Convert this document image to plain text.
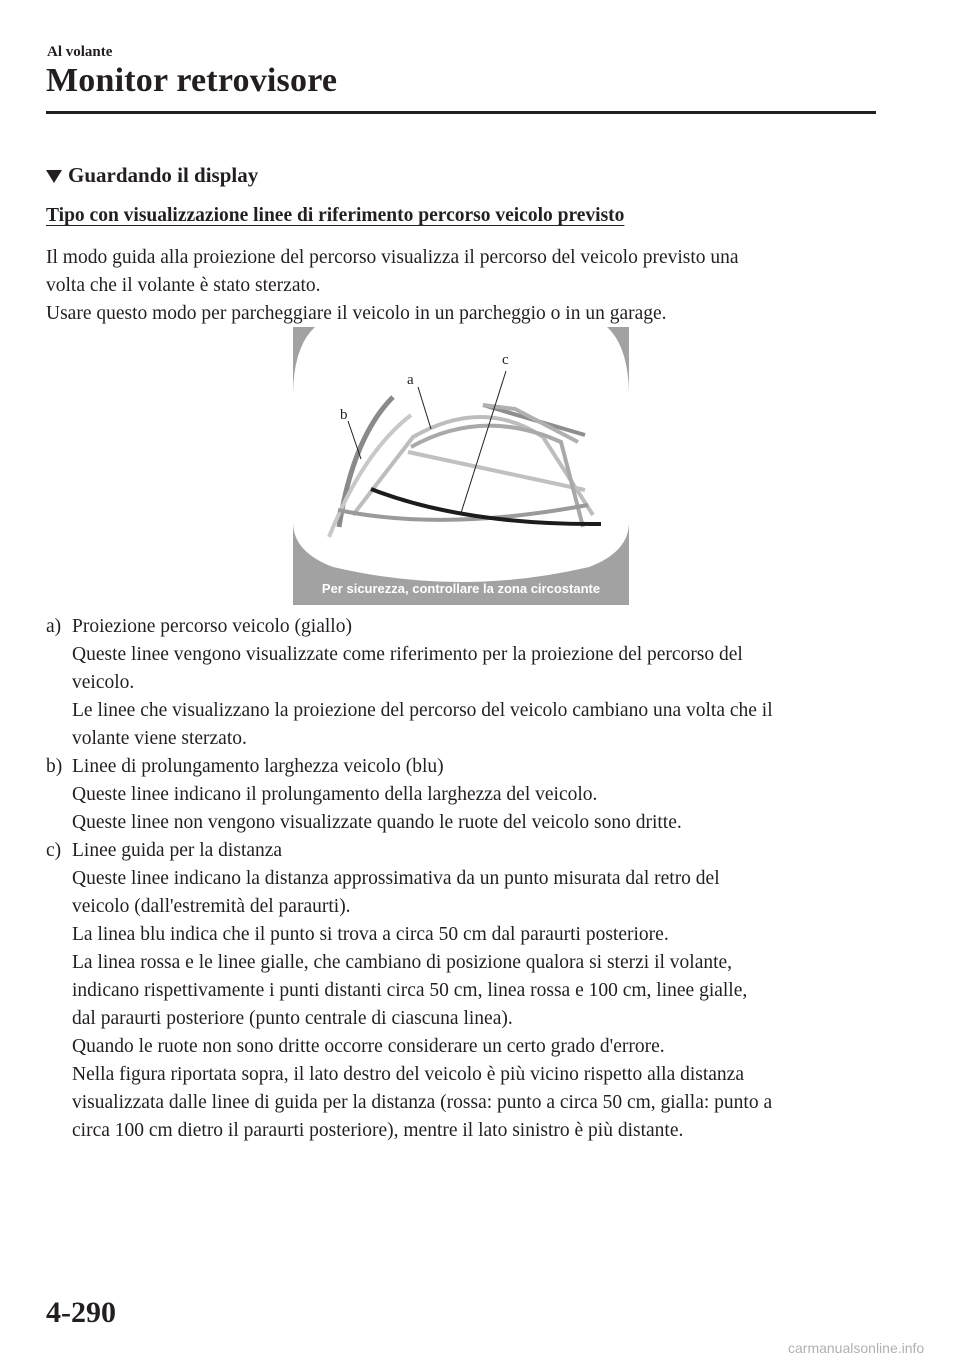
Al volante
Monitor retrovisore
Guardando il display
Tipo con visualizzazione linee di riferimento percorso veicolo previsto

Il modo guida alla proiezione del percorso visualizza il percorso del veicolo previsto una

volta che il volante è stato sterzato.

Usare questo modo per parcheggiare il veicolo in un parcheggio o in un garage.

a
b
c
Per sicurezza, controllare la zona circostante
a) Proiezione percorso veicolo (giallo)
Queste linee vengono visualizzate come riferimento per la proiezione del percorso del
veicolo.
Le linee che visualizzano la proiezione del percorso del veicolo cambiano una volta che il
volante viene sterzato.
b) Linee di prolungamento larghezza veicolo (blu)
Queste linee indicano il prolungamento della larghezza del veicolo.
Queste linee non vengono visualizzate quando le ruote del veicolo sono dritte.
c) Linee guida per la distanza
Queste linee indicano la distanza approssimativa da un punto misurata dal retro del
veicolo (dall'estremità del paraurti).
La linea blu indica che il punto si trova a circa 50 cm dal paraurti posteriore.
La linea rossa e le linee gialle, che cambiano di posizione qualora si sterzi il volante,
indicano rispettivamente i punti distanti circa 50 cm, linea rossa e 100 cm, linee gialle,
dal paraurti posteriore (punto centrale di ciascuna linea).
Quando le ruote non sono dritte occorre considerare un certo grado d'errore.
Nella figura riportata sopra, il lato destro del veicolo è più vicino rispetto alla distanza
visualizzata dalle linee di guida per la distanza (rossa: punto a circa 50 cm, gialla: punto a
circa 100 cm dietro il paraurti posteriore), mentre il lato sinistro è più distante.
4-290
carmanualsonline.info
